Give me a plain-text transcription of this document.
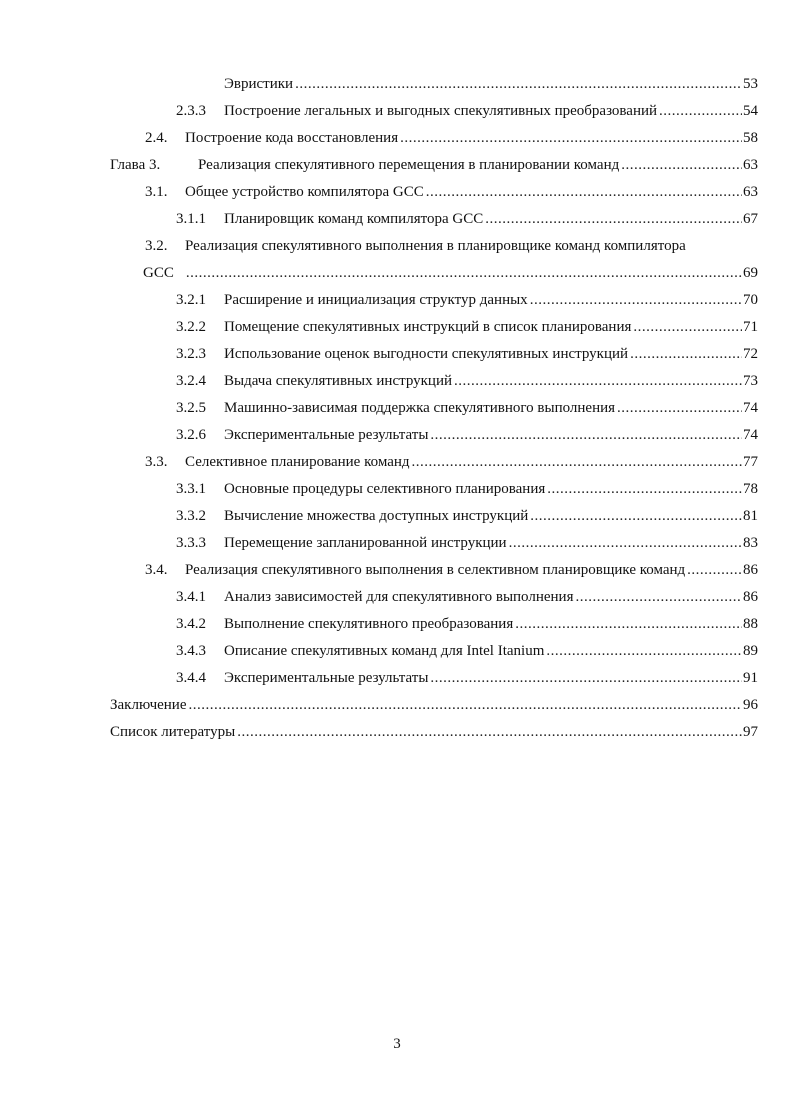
Эвристики .....	53
2.3.3 Построение легальных и выгодных спекулятивных преобразований .....	54
2.4. Построение кода восстановления .....	58
Глава 3.	Реализация спекулятивного перемещения в планировании команд .....	63
3.1. Общее устройство компилятора GCC .....	63
3.1.1 Планировщик команд компилятора GCC .....	67
3.2. Реализация спекулятивного выполнения в планировщике команд компилятора
GCC .....	69
3.2.1 Расширение и инициализация структур данных .....	70
3.2.2 Помещение спекулятивных инструкций в список планирования .....	71
3.2.3 Использование оценок выгодности спекулятивных инструкций .....	72
3.2.4 Выдача спекулятивных инструкций .....	73
3.2.5 Машинно-зависимая поддержка спекулятивного выполнения .....	74
3.2.6 Экспериментальные результаты .....	74
3.3. Селективное планирование команд .....	77
3.3.1 Основные процедуры селективного планирования .....	78
3.3.2 Вычисление множества доступных инструкций .....	81
3.3.3 Перемещение запланированной инструкции .....	83
3.4. Реализация спекулятивного выполнения в селективном планировщике команд .....	86
3.4.1 Анализ зависимостей для спекулятивного выполнения .....	86
3.4.2 Выполнение спекулятивного преобразования .....	88
3.4.3 Описание спекулятивных команд для Intel Itanium .....	89
3.4.4 Экспериментальные результаты .....	91
Заключение .....	96
Список литературы .....	97
3
